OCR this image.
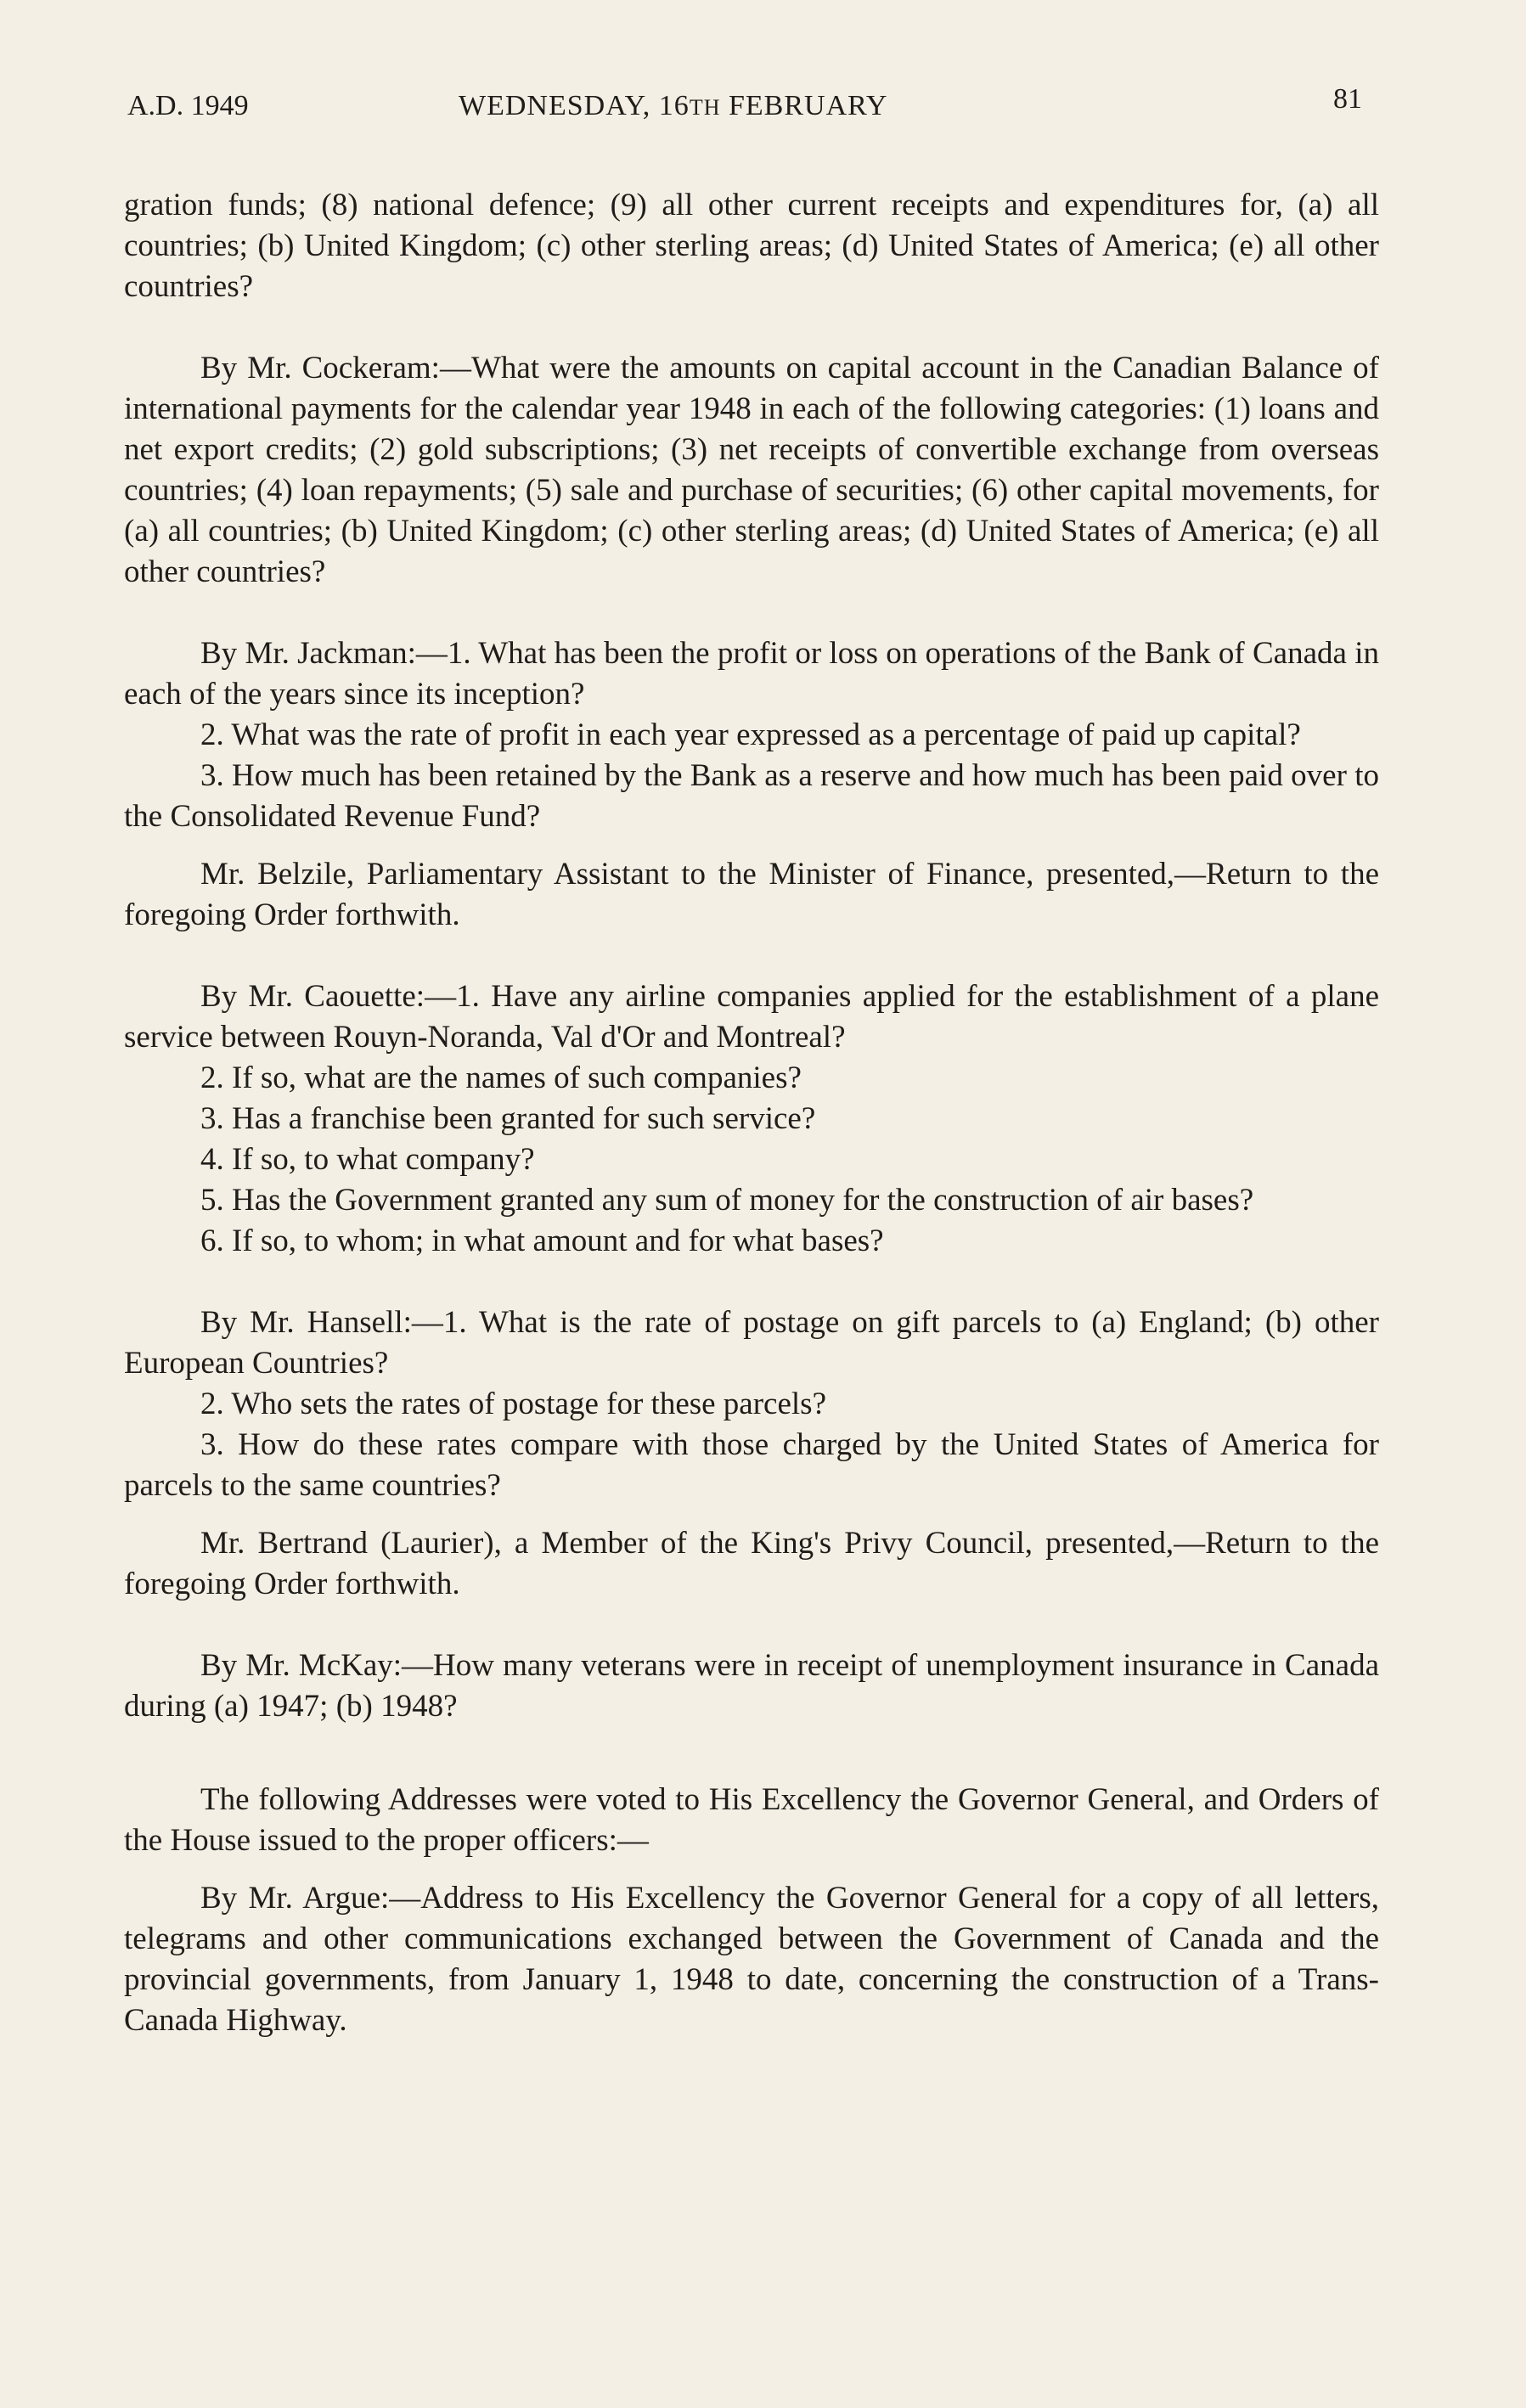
A.D. 1949	WEDNESDAY, 16TH FEBRUARY	81

gration funds; (8) national defence; (9) all other current receipts and expenditures for, (a) all countries; (b) United Kingdom; (c) other sterling areas; (d) United States of America; (e) all other countries?

By Mr. Cockeram:—What were the amounts on capital account in the Canadian Balance of international payments for the calendar year 1948 in each of the following categories: (1) loans and net export credits; (2) gold subscriptions; (3) net receipts of convertible exchange from overseas countries; (4) loan repayments; (5) sale and purchase of securities; (6) other capital movements, for (a) all countries; (b) United Kingdom; (c) other sterling areas; (d) United States of America; (e) all other countries?

By Mr. Jackman:—1. What has been the profit or loss on operations of the Bank of Canada in each of the years since its inception?

2. What was the rate of profit in each year expressed as a percentage of paid up capital?

3. How much has been retained by the Bank as a reserve and how much has been paid over to the Consolidated Revenue Fund?

Mr. Belzile, Parliamentary Assistant to the Minister of Finance, presented,—Return to the foregoing Order forthwith.

By Mr. Caouette:—1. Have any airline companies applied for the establishment of a plane service between Rouyn-Noranda, Val d'Or and Montreal?

2. If so, what are the names of such companies?

3. Has a franchise been granted for such service?

4. If so, to what company?

5. Has the Government granted any sum of money for the construction of air bases?

6. If so, to whom; in what amount and for what bases?

By Mr. Hansell:—1. What is the rate of postage on gift parcels to (a) England; (b) other European Countries?

2. Who sets the rates of postage for these parcels?

3. How do these rates compare with those charged by the United States of America for parcels to the same countries?

Mr. Bertrand (Laurier), a Member of the King's Privy Council, presented,—Return to the foregoing Order forthwith.

By Mr. McKay:—How many veterans were in receipt of unemployment insurance in Canada during (a) 1947; (b) 1948?

The following Addresses were voted to His Excellency the Governor General, and Orders of the House issued to the proper officers:—

By Mr. Argue:—Address to His Excellency the Governor General for a copy of all letters, telegrams and other communications exchanged between the Government of Canada and the provincial governments, from January 1, 1948 to date, concerning the construction of a Trans-Canada Highway.
